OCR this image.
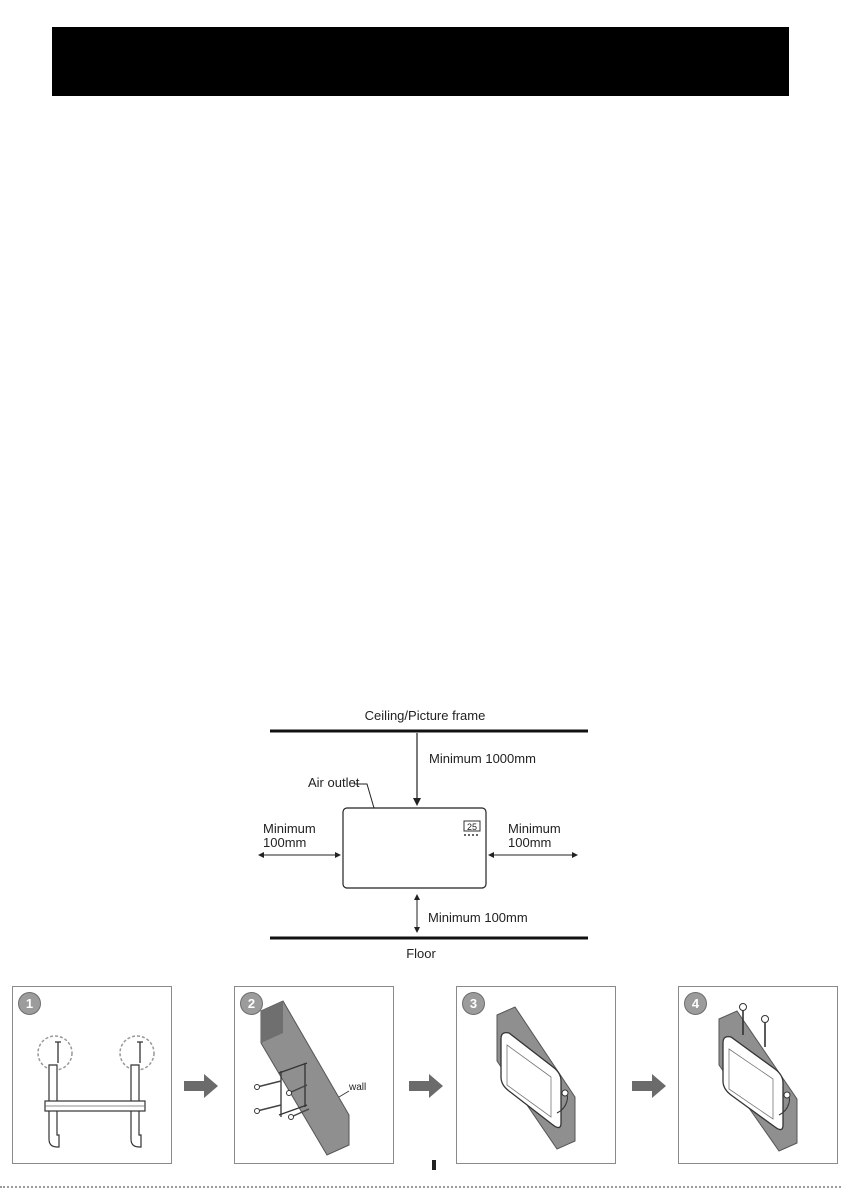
Ceiling/Picture frame
Minimum 1000mm
Air outlet
25
Minimum
100mm
Minimum
100mm
Minimum 100mm
Floor
1
wall
2	3	4
